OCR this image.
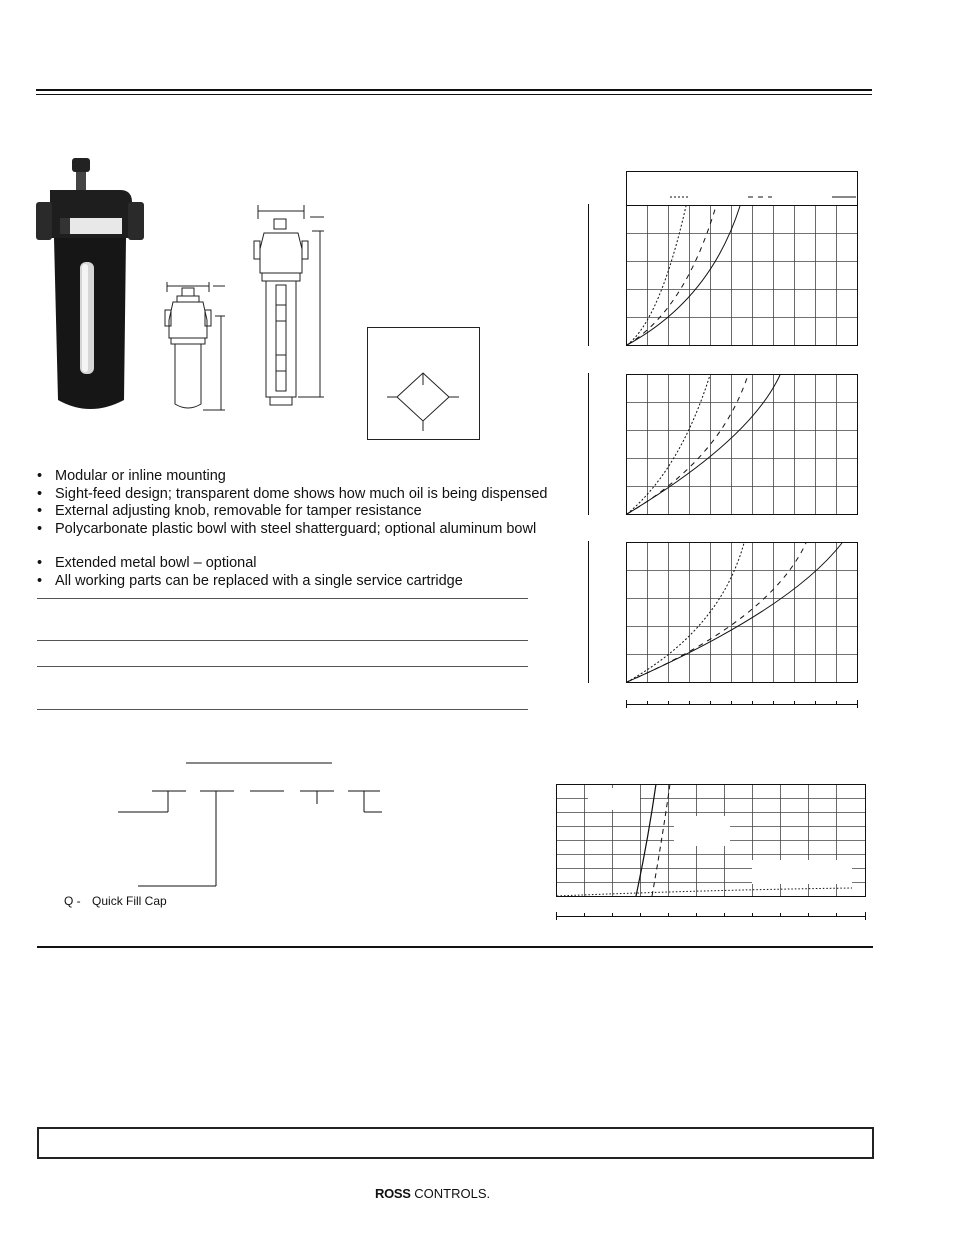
• Modular or inline mounting
• Sight-feed design; transparent dome shows how much oil is being dispensed
• External adjusting knob, removable for tamper resistance
• Polycarbonate plastic bowl with steel shatterguard; optional aluminum bowl
• Extended metal bowl – optional
• All working parts can be replaced with a single service cartridge
Q - Quick Fill Cap
ROSS CONTROLS.
